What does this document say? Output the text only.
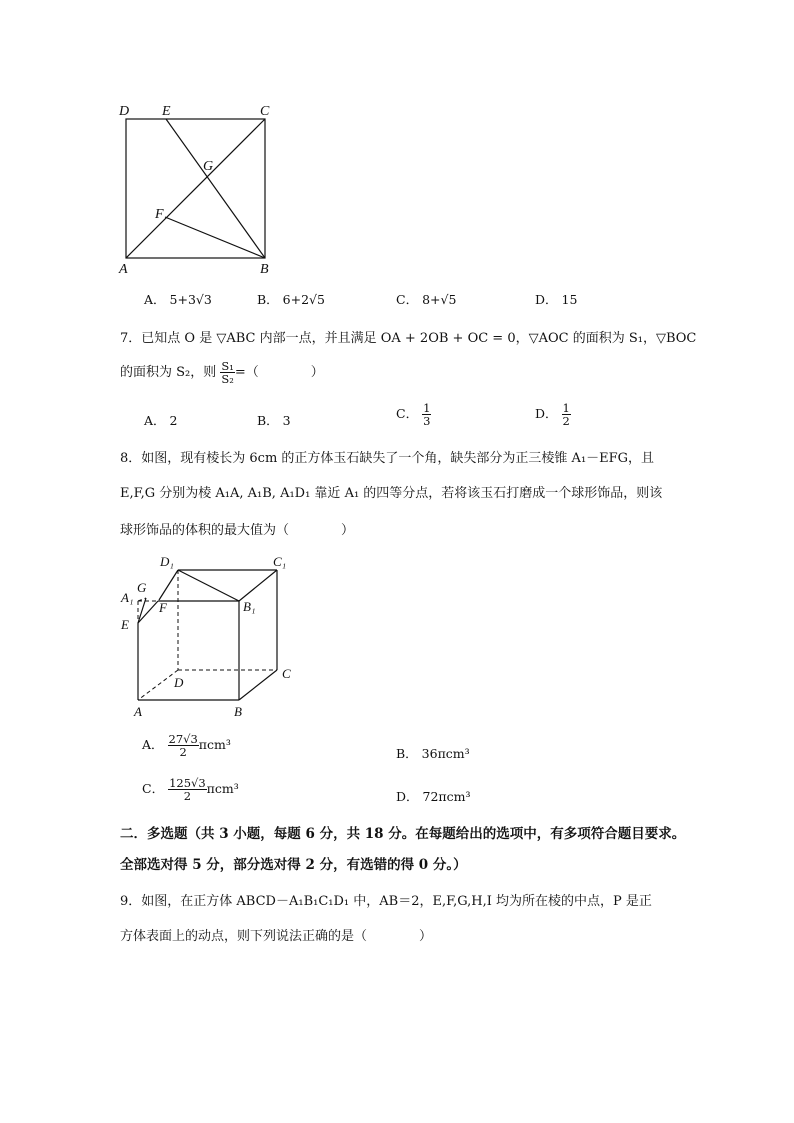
D E	C
G
F
A	B
A． 5+3√3	B． 6+2√5	C． 8+√5	D． 15
7．已知点 O 是 ▽ABC 内部一点，并且满足 OA + 2OB + OC = 0，▽AOC 的面积为 S₁，▽BOC
的面积为 S₂，则 $\frac{\text{S₁}}{\text{S₂}}$ =（　　　　）
A． 2	B． 3	C． $\frac{1}{3}$	D． $\frac{1}{2}$
8．如图，现有棱长为 6cm 的正方体玉石缺失了一个角，缺失部分为正三棱锥 A₁－EFG，且
E,F,G 分别为棱 A₁A, A₁B, A₁D₁ 靠近 A₁ 的四等分点，若将该玉石打磨成一个球形饰品，则该
球形饰品的体积的最大值为（　　　　）
D₁	C₁
G
A₁
F	B₁
E
D
C
A	B
A． $\frac{27√3}{2} \pi cm^3$
B． 36πcm³
C． $\frac{125√3}{2} \pi cm^3$
D． 72πcm³
二．多选题（共 3 小题，每题 6 分，共 18 分。在每题给出的选项中，有多项符合题目要求。
全部选对得 5 分，部分选对得 2 分，有选错的得 0 分。）
9．如图，在正方体 ABCD－A₁B₁C₁D₁ 中，AB＝2，E,F,G,H,I 均为所在棱的中点，P 是正
方体表面上的动点，则下列说法正确的是（　　　　）
